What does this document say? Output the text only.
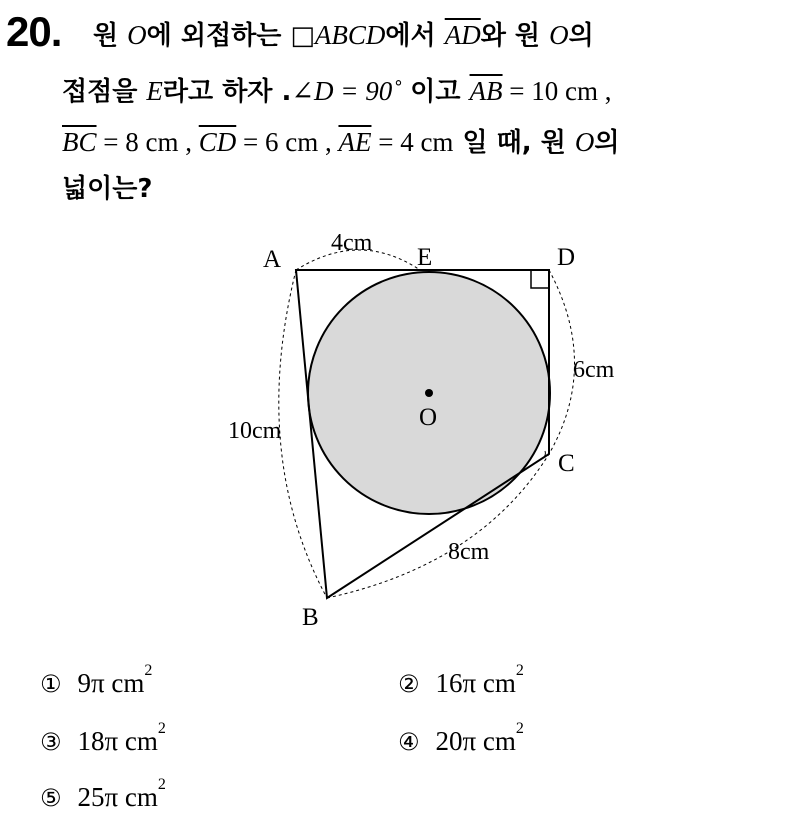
20. 원 O에 외접하는 □ABCD에서 $\overline{AD}$와 원 O의
접점을 E라고 하자 .∠D = 90˚ 이고 $\overline{AB} = 10$ cm ,
$\overline{BC} = 8$ cm , $\overline{CD} = 6$ cm , $\overline{AE} = 4$ cm 일 때, 원 O의
넓이는?
A	E	D
C
B
O
4cm
6cm
10cm
8cm
① 9π $cm^2$	② 16π $cm^2$
③ 18π $cm^2$	④ 20π $cm^2$
⑤ 25π $cm^2$
